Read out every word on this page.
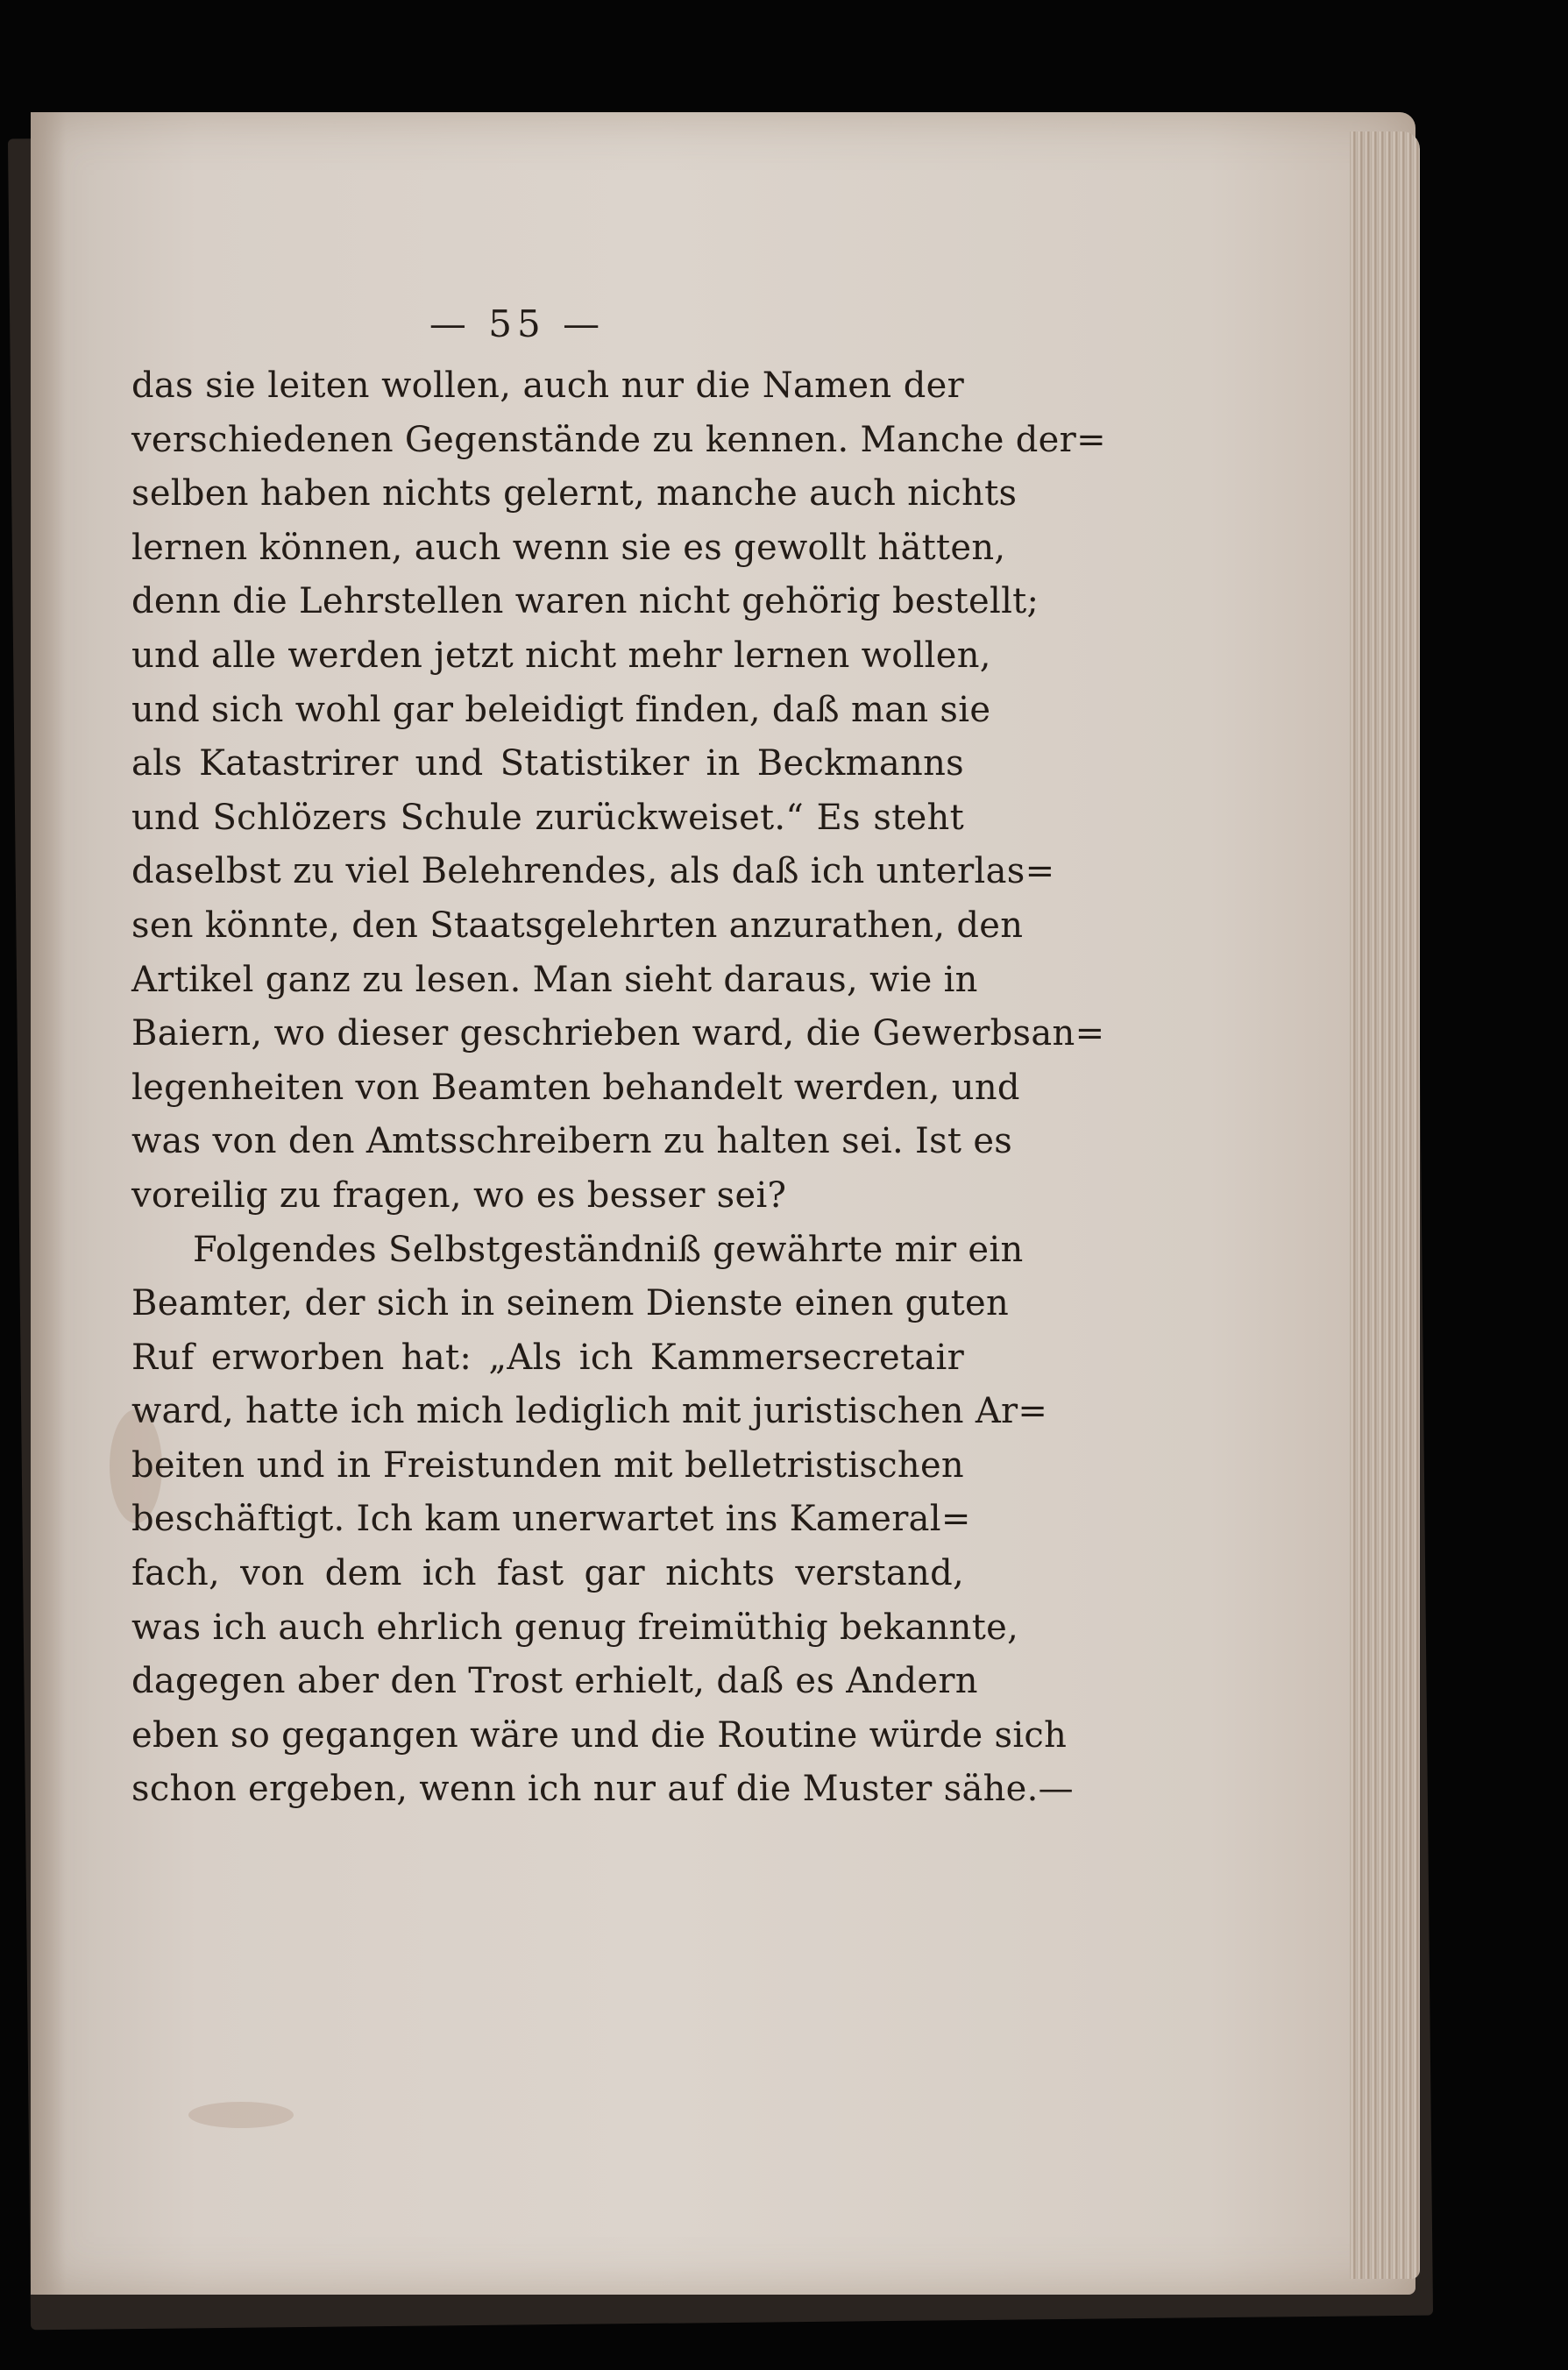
— 55 —
das sie leiten wollen, auch nur die Namen der
verschiedenen Gegenstände zu kennen. Manche der=
selben haben nichts gelernt, manche auch nichts
lernen können, auch wenn sie es gewollt hätten,
denn die Lehrstellen waren nicht gehörig bestellt;
und alle werden jetzt nicht mehr lernen wollen,
und sich wohl gar beleidigt finden, daß man sie
als Katastrirer und Statistiker in Beckmanns
und Schlözers Schule zurückweiset.“ Es steht
daselbst zu viel Belehrendes, als daß ich unterlas=
sen könnte, den Staatsgelehrten anzurathen, den
Artikel ganz zu lesen. Man sieht daraus, wie in
Baiern, wo dieser geschrieben ward, die Gewerbsan=
legenheiten von Beamten behandelt werden, und
was von den Amtsschreibern zu halten sei. Ist es
voreilig zu fragen, wo es besser sei?
Folgendes Selbstgeständniß gewährte mir ein
Beamter, der sich in seinem Dienste einen guten
Ruf erworben hat: „Als ich Kammersecretair
ward, hatte ich mich lediglich mit juristischen Ar=
beiten und in Freistunden mit belletristischen
beschäftigt. Ich kam unerwartet ins Kameral=
fach, von dem ich fast gar nichts verstand,
was ich auch ehrlich genug freimüthig bekannte,
dagegen aber den Trost erhielt, daß es Andern
eben so gegangen wäre und die Routine würde sich
schon ergeben, wenn ich nur auf die Muster sähe.—
